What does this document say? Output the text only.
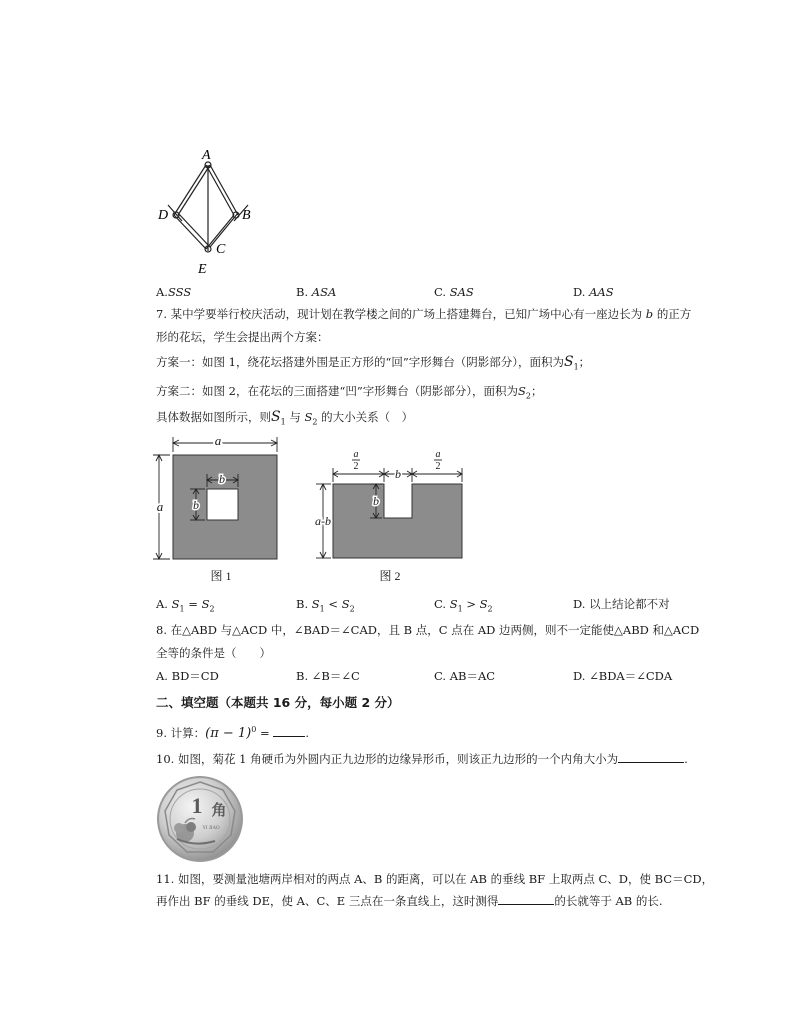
A
D	B
C
E
A.SSS	B. ASA	C. SAS	D. AAS
7. 某中学要举行校庆活动，现计划在教学楼之间的广场上搭建舞台，已知广场中心有一座边长为 b 的正方
形的花坛，学生会提出两个方案：
方案一：如图 1，绕花坛搭建外围是正方形的“回”字形舞台（阴影部分），面积为$S_1$；
方案二：如图 2，在花坛的三面搭建“凹”字形舞台（阴影部分），面积为$S_2$；
具体数据如图所示，则$S_1$ 与 $S_2$ 的大小关系（　）
a
a
b
b
图 1
a
2
a
2
b
b
a-b
图 2
A. $S_1 = S_2$	B. $S_1 < S_2$	C. $S_1 > S_2$	D. 以上结论都不对
8. 在△ABD 与△ACD 中，∠BAD＝∠CAD，且 B 点，C 点在 AD 边两侧，则不一定能使△ABD 和△ACD
全等的条件是（　　）
A. BD＝CD	B. ∠B＝∠C	C. AB＝AC	D. ∠BDA＝∠CDA
二、填空题（本题共 16 分，每小题 2 分）
9. 计算：$(\pi - 1)^0$ =	.
10. 如图，菊花 1 角硬币为外圆内正九边形的边缘异形币，则该正九边形的一个内角大小为	.
1 角
YI JIAO
11. 如图，要测量池塘两岸相对的两点 A、B 的距离，可以在 AB 的垂线 BF 上取两点 C、D，使 BC＝CD，
再作出 BF 的垂线 DE，使 A、C、E 三点在一条直线上，这时测得	的长就等于 AB 的长.
